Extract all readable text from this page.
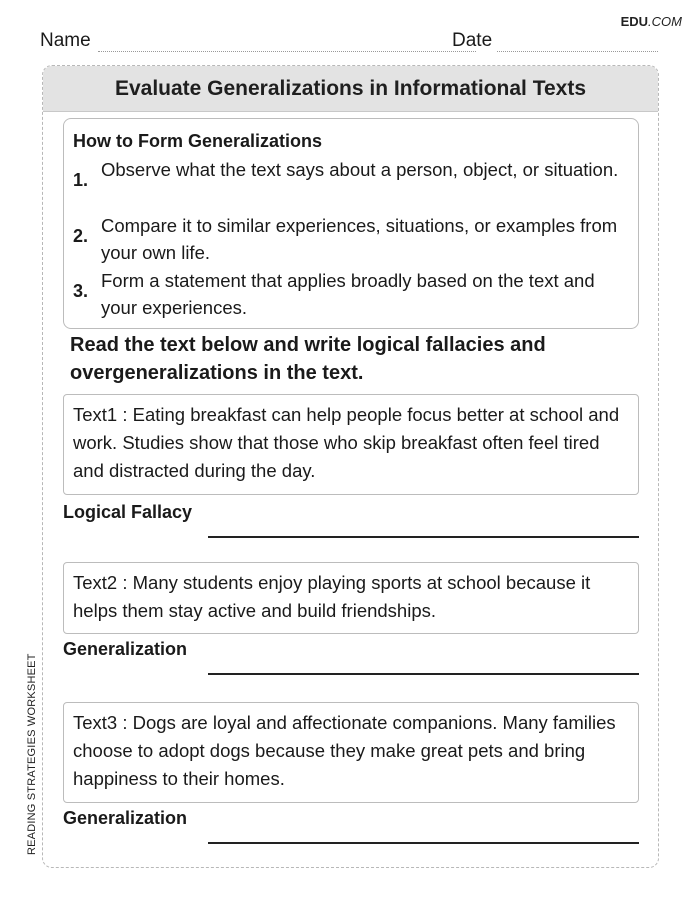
EDU.COM
Name	Date
READING STRATEGIES WORKSHEET
Evaluate Generalizations in Informational Texts
How to Form Generalizations
1. Observe what the text says about a person, object, or situation.
2. Compare it to similar experiences, situations, or examples from your own life.
3. Form a statement that applies broadly based on the text and your experiences.
Read the text below and write logical fallacies and overgeneralizations in the text.
Text1 : Eating breakfast can help people focus better at school and work. Studies show that those who skip breakfast often feel tired and distracted during the day.
Logical Fallacy
Text2 : Many students enjoy playing sports at school because it helps them stay active and build friendships.
Generalization
Text3 : Dogs are loyal and affectionate companions. Many families choose to adopt dogs because they make great pets and bring happiness to their homes.
Generalization
